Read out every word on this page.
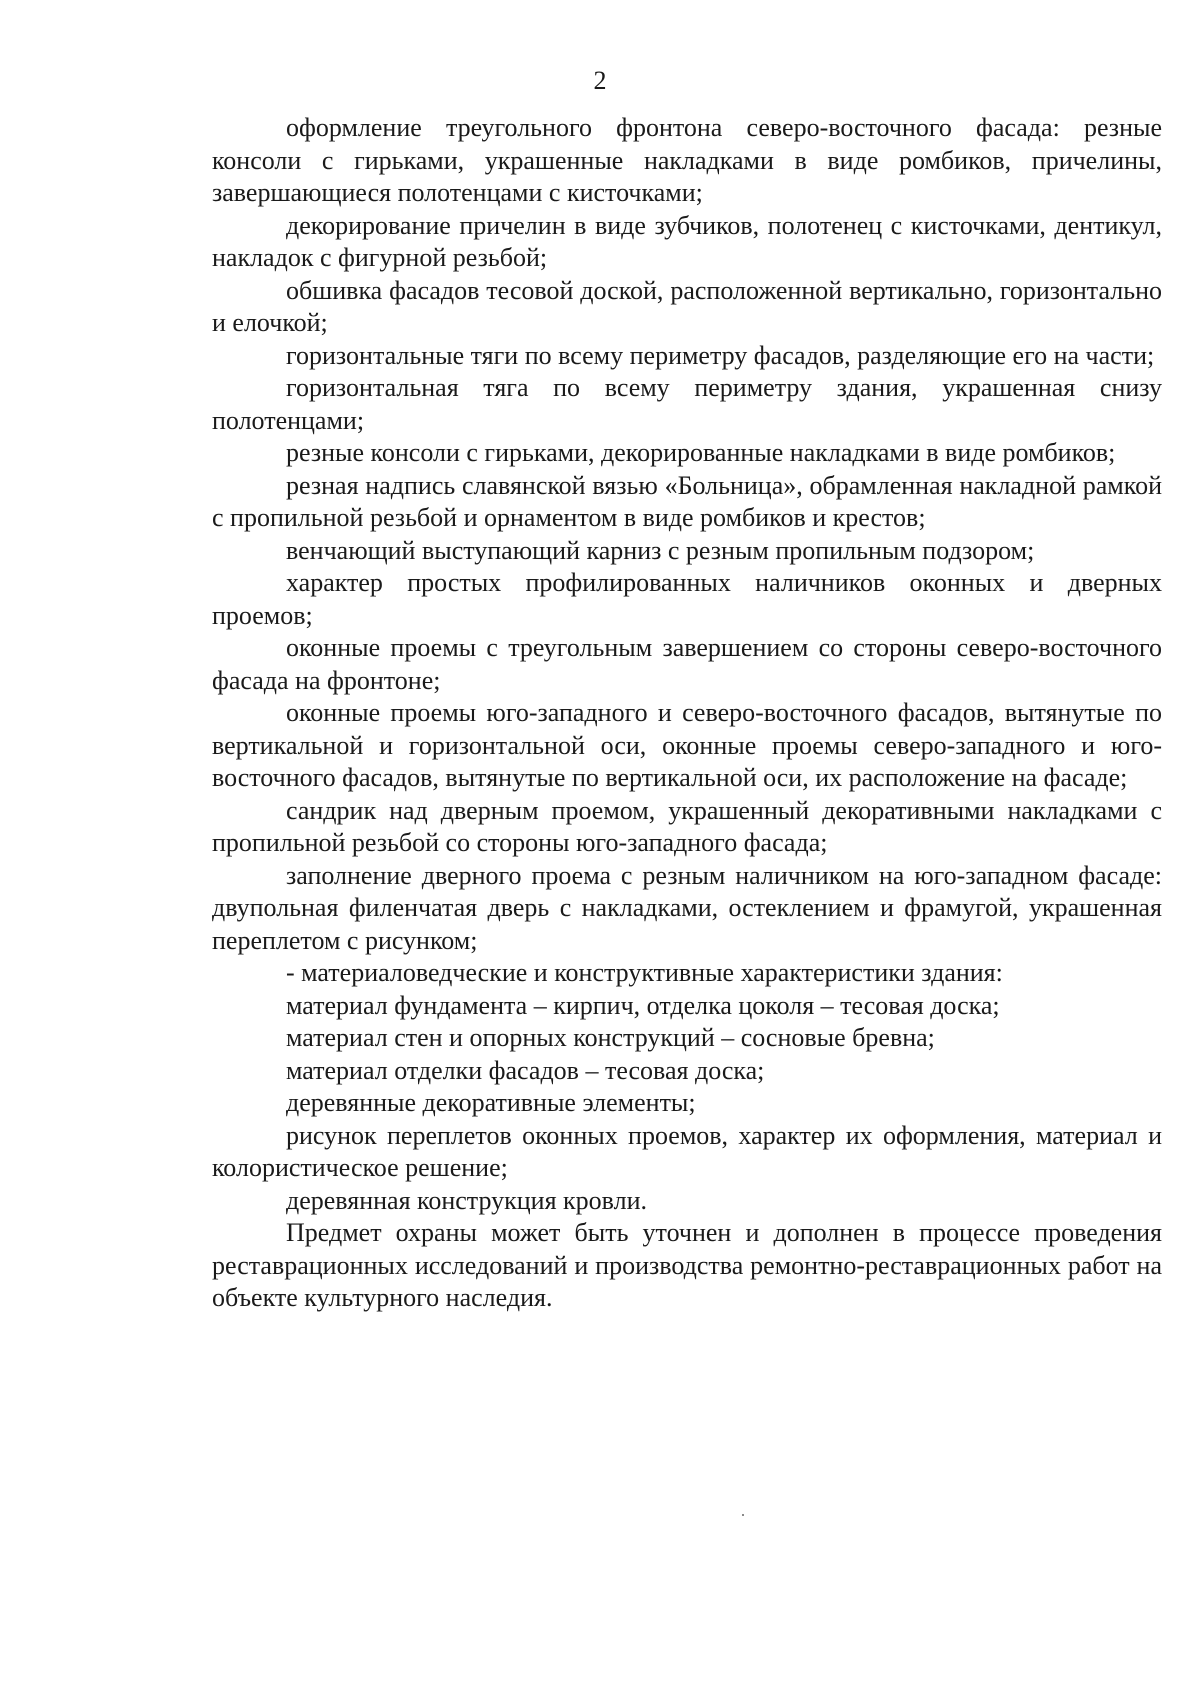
2

оформление треугольного фронтона северо-восточного фасада: резные консоли с гирьками, украшенные накладками в виде ромбиков, причелины, завершающиеся полотенцами с кисточками;

декорирование причелин в виде зубчиков, полотенец с кисточками, дентикул, накладок с фигурной резьбой;

обшивка фасадов тесовой доской, расположенной вертикально, горизонтально и елочкой;

горизонтальные тяги по всему периметру фасадов, разделяющие его на части;

горизонтальная тяга по всему периметру здания, украшенная снизу полотенцами;

резные консоли с гирьками, декорированные накладками в виде ромбиков;

резная надпись славянской вязью «Больница», обрамленная накладной рамкой с пропильной резьбой и орнаментом в виде ромбиков и крестов;

венчающий выступающий карниз с резным пропильным подзором;

характер простых профилированных наличников оконных и дверных проемов;

оконные проемы с треугольным завершением со стороны северо-восточного фасада на фронтоне;

оконные проемы юго-западного и северо-восточного фасадов, вытянутые по вертикальной и горизонтальной оси, оконные проемы северо-западного и юго-восточного фасадов, вытянутые по вертикальной оси, их расположение на фасаде;

сандрик над дверным проемом, украшенный декоративными накладками с пропильной резьбой со стороны юго-западного фасада;

заполнение дверного проема с резным наличником на юго-западном фасаде: двупольная филенчатая дверь с накладками, остеклением и фрамугой, украшенная переплетом с рисунком;

- материаловедческие и конструктивные характеристики здания:

материал фундамента – кирпич, отделка цоколя – тесовая доска;

материал стен и опорных конструкций – сосновые бревна;

материал отделки фасадов – тесовая доска;

деревянные декоративные элементы;

рисунок переплетов оконных проемов, характер их оформления, материал и колористическое решение;

деревянная конструкция кровли.

Предмет охраны может быть уточнен и дополнен в процессе проведения реставрационных исследований и производства ремонтно-реставрационных работ на объекте культурного наследия.
